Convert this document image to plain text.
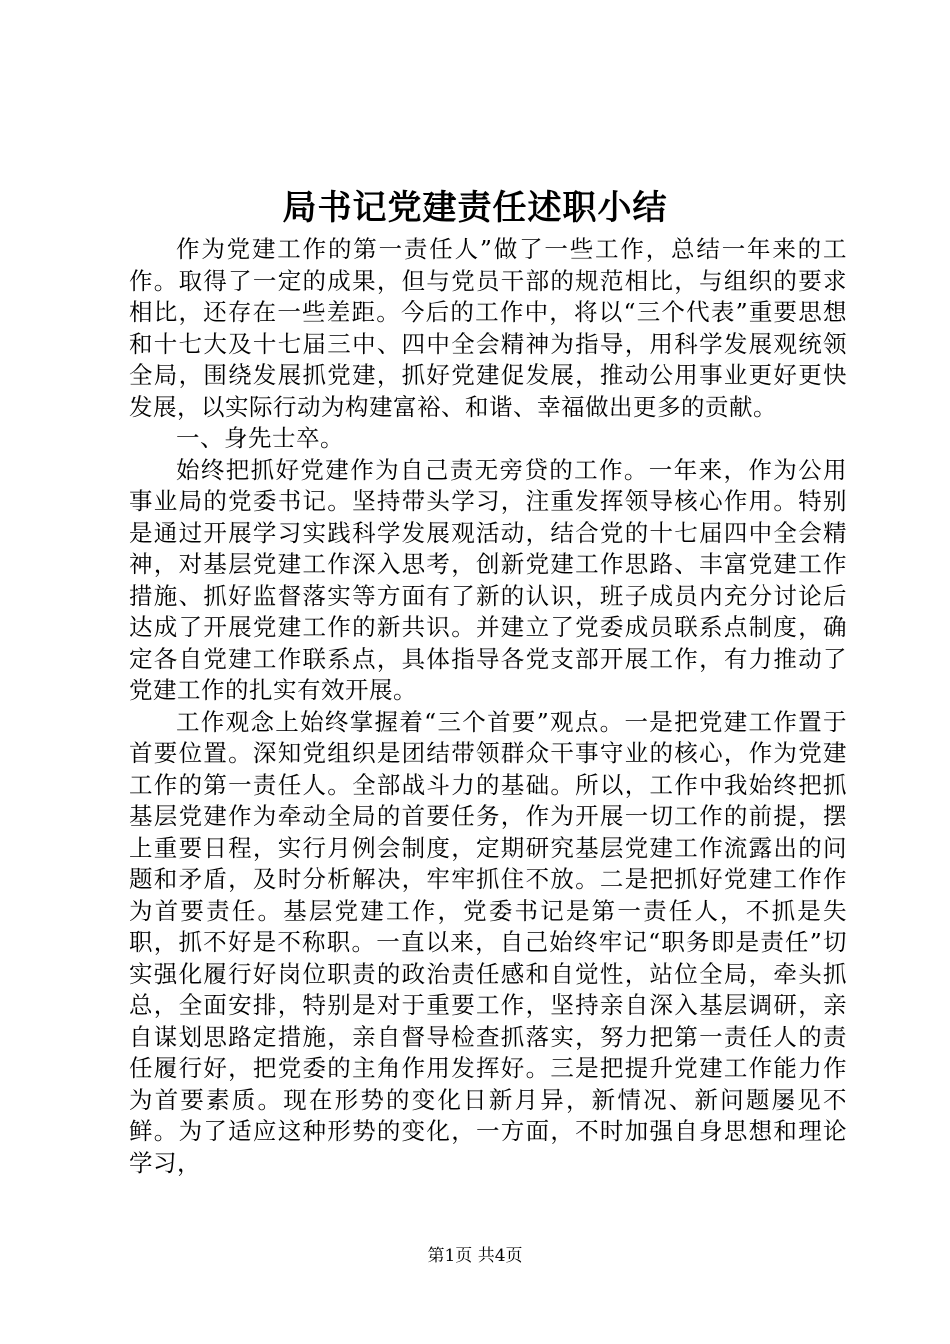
局书记党建责任述职小结

作为党建工作的第一责任人”做了一些工作，总结一年来的工作。取得了一定的成果，但与党员干部的规范相比，与组织的要求相比，还存在一些差距。今后的工作中，将以“三个代表”重要思想和十七大及十七届三中、四中全会精神为指导，用科学发展观统领全局，围绕发展抓党建，抓好党建促发展，推动公用事业更好更快发展，以实际行动为构建富裕、和谐、幸福做出更多的贡献。

一、身先士卒。

始终把抓好党建作为自己责无旁贷的工作。一年来，作为公用事业局的党委书记。坚持带头学习，注重发挥领导核心作用。特别是通过开展学习实践科学发展观活动，结合党的十七届四中全会精神，对基层党建工作深入思考，创新党建工作思路、丰富党建工作措施、抓好监督落实等方面有了新的认识，班子成员内充分讨论后达成了开展党建工作的新共识。并建立了党委成员联系点制度，确定各自党建工作联系点，具体指导各党支部开展工作，有力推动了党建工作的扎实有效开展。

工作观念上始终掌握着“三个首要”观点。一是把党建工作置于首要位置。深知党组织是团结带领群众干事守业的核心，作为党建工作的第一责任人。全部战斗力的基础。所以，工作中我始终把抓基层党建作为牵动全局的首要任务，作为开展一切工作的前提，摆上重要日程，实行月例会制度，定期研究基层党建工作流露出的问题和矛盾，及时分析解决，牢牢抓住不放。二是把抓好党建工作作为首要责任。基层党建工作，党委书记是第一责任人，不抓是失职，抓不好是不称职。一直以来，自己始终牢记“职务即是责任”切实强化履行好岗位职责的政治责任感和自觉性，站位全局，牵头抓总，全面安排，特别是对于重要工作，坚持亲自深入基层调研，亲自谋划思路定措施，亲自督导检查抓落实，努力把第一责任人的责任履行好，把党委的主角作用发挥好。三是把提升党建工作能力作为首要素质。现在形势的变化日新月异，新情况、新问题屡见不鲜。为了适应这种形势的变化，一方面，不时加强自身思想和理论学习，

第1页 共4页
